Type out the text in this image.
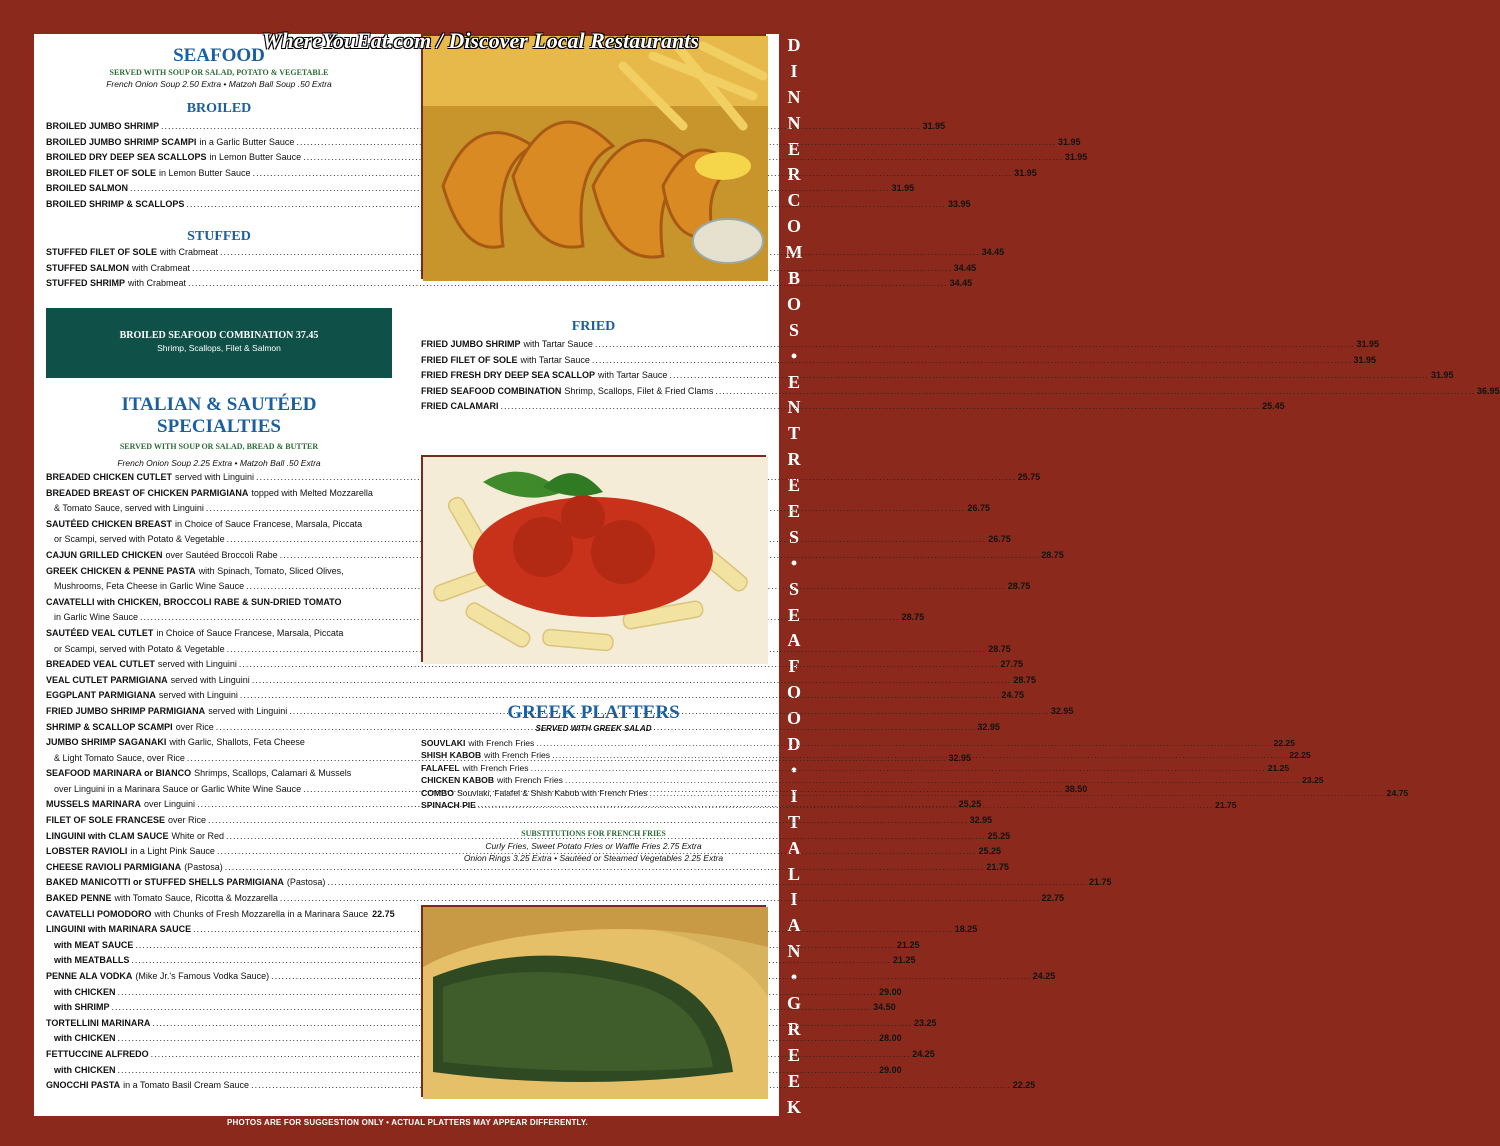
WhereYouEat.com / Discover Local Restaurants	D
I
N
N
E
R
C
O
M
B
O
S
•
E
N
T
R
E
E
S
•
S
E
A
F
O
O
D
•
I
T
A
L
I
A
N
•
G
R
E
E
K
SEAFOOD
SERVED WITH SOUP OR SALAD, POTATO & VEGETABLE
French Onion Soup 2.50 Extra • Matzoh Ball Soup .50 Extra
BROILED
BROILED JUMBO SHRIMP .....	31.95
BROILED JUMBO SHRIMP SCAMPI in a Garlic Butter Sauce .....	31.95
BROILED DRY DEEP SEA SCALLOPS in Lemon Butter Sauce .....	31.95
BROILED FILET OF SOLE in Lemon Butter Sauce .....	31.95
BROILED SALMON .....	31.95
BROILED SHRIMP & SCALLOPS .....	33.95
STUFFED
STUFFED FILET OF SOLE with Crabmeat .....	34.45
STUFFED SALMON with Crabmeat .....	34.45
STUFFED SHRIMP with Crabmeat .....	34.45
BROILED SEAFOOD COMBINATION 37.45
Shrimp, Scallops, Filet & Salmon
ITALIAN & SAUTÉED
SPECIALTIES
SERVED WITH SOUP OR SALAD, BREAD & BUTTER
French Onion Soup 2.25 Extra • Matzoh Ball .50 Extra
BREADED CHICKEN CUTLET served with Linguini .....	25.75
BREADED BREAST OF CHICKEN PARMIGIANA topped with Melted Mozzarella
& Tomato Sauce, served with Linguini .....	26.75
SAUTÉED CHICKEN BREAST in Choice of Sauce Francese, Marsala, Piccata
or Scampi, served with Potato & Vegetable .....	26.75
CAJUN GRILLED CHICKEN over Sautéed Broccoli Rabe .....	28.75
GREEK CHICKEN & PENNE PASTA with Spinach, Tomato, Sliced Olives,
Mushrooms, Feta Cheese in Garlic Wine Sauce .....	28.75
CAVATELLI with CHICKEN, BROCCOLI RABE & SUN-DRIED TOMATO
in Garlic Wine Sauce .....	28.75
SAUTÉED VEAL CUTLET in Choice of Sauce Francese, Marsala, Piccata
or Scampi, served with Potato & Vegetable .....	28.75
BREADED VEAL CUTLET served with Linguini .....	27.75
VEAL CUTLET PARMIGIANA served with Linguini .....	28.75
EGGPLANT PARMIGIANA served with Linguini .....	24.75
FRIED JUMBO SHRIMP PARMIGIANA served with Linguini .....	32.95
SHRIMP & SCALLOP SCAMPI over Rice .....	32.95
JUMBO SHRIMP SAGANAKI with Garlic, Shallots, Feta Cheese
& Light Tomato Sauce, over Rice .....	32.95
SEAFOOD MARINARA or BIANCO Shrimps, Scallops, Calamari & Mussels
over Linguini in a Marinara Sauce or Garlic White Wine Sauce .....	38.50
MUSSELS MARINARA over Linguini .....	25.25
FILET OF SOLE FRANCESE over Rice .....	32.95
LINGUINI with CLAM SAUCE White or Red .....	25.25
LOBSTER RAVIOLI in a Light Pink Sauce .....	25.25
CHEESE RAVIOLI PARMIGIANA (Pastosa) .....	21.75
BAKED MANICOTTI or STUFFED SHELLS PARMIGIANA (Pastosa) .....	21.75
BAKED PENNE with Tomato Sauce, Ricotta & Mozzarella .....	22.75
CAVATELLI POMODORO with Chunks of Fresh Mozzarella in a Marinara Sauce 22.75
LINGUINI with MARINARA SAUCE .....	18.25
with MEAT SAUCE .....	21.25
with MEATBALLS .....	21.25
PENNE ALA VODKA (Mike Jr.'s Famous Vodka Sauce) .....	24.25
with CHICKEN .....	29.00
with SHRIMP .....	34.50
TORTELLINI MARINARA .....	23.25
with CHICKEN .....	28.00
FETTUCCINE ALFREDO .....	24.25
with CHICKEN .....	29.00
GNOCCHI PASTA in a Tomato Basil Cream Sauce .....	22.25
FRIED
FRIED JUMBO SHRIMP with Tartar Sauce .....	31.95
FRIED FILET OF SOLE with Tartar Sauce .....	31.95
FRIED FRESH DRY DEEP SEA SCALLOP with Tartar Sauce .....	31.95
FRIED SEAFOOD COMBINATION Shrimp, Scallops, Filet & Fried Clams .....	36.95
FRIED CALAMARI .....	25.45
GREEK PLATTERS
SERVED WITH GREEK SALAD
SOUVLAKI with French Fries .....	22.25
SHISH KABOB with French Fries .....	22.25
FALAFEL with French Fries .....	21.25
CHICKEN KABOB with French Fries .....	23.25
COMBO Souvlaki, Falafel & Shish Kabob with French Fries .....	24.75
SPINACH PIE .....	21.75
SUBSTITUTIONS FOR FRENCH FRIES
Curly Fries, Sweet Potato Fries or Waffle Fries 2.75 Extra
Onion Rings 3.25 Extra • Sautéed or Steamed Vegetables 2.25 Extra
PHOTOS ARE FOR SUGGESTION ONLY • ACTUAL PLATTERS MAY APPEAR DIFFERENTLY.
